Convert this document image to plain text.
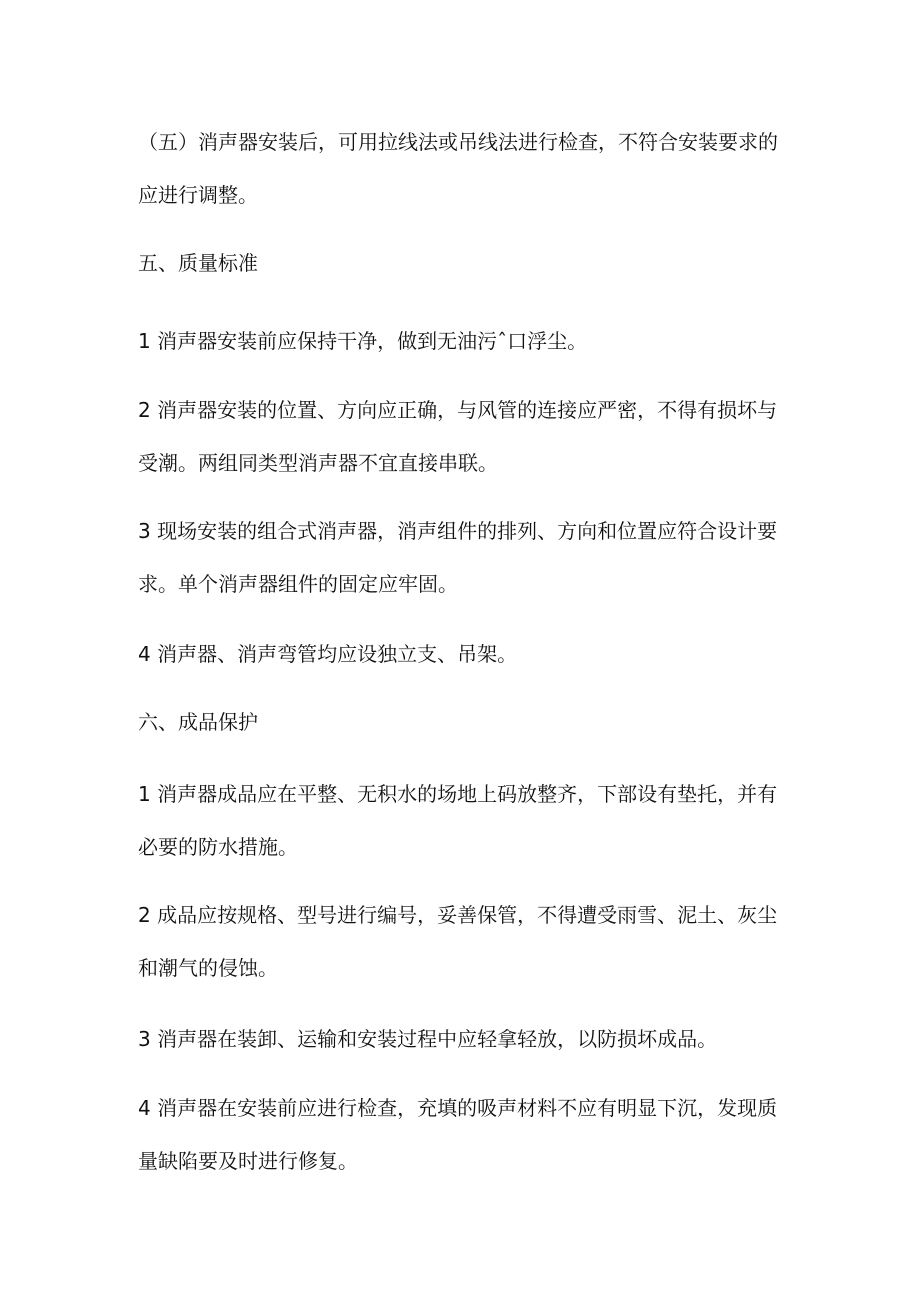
（五）消声器安装后，可用拉线法或吊线法进行检查，不符合安装要求的
应进行调整。

五、质量标准

1 消声器安装前应保持干净，做到无油污ˆ口浮尘。

2 消声器安装的位置、方向应正确，与风管的连接应严密，不得有损坏与
受潮。两组同类型消声器不宜直接串联。

3 现场安装的组合式消声器，消声组件的排列、方向和位置应符合设计要
求。单个消声器组件的固定应牢固。

4 消声器、消声弯管均应设独立支、吊架。

六、成品保护

1 消声器成品应在平整、无积水的场地上码放整齐，下部设有垫托，并有
必要的防水措施。

2 成品应按规格、型号进行编号，妥善保管，不得遭受雨雪、泥土、灰尘
和潮气的侵蚀。

3 消声器在装卸、运输和安装过程中应轻拿轻放，以防损坏成品。

4 消声器在安装前应进行检查，充填的吸声材料不应有明显下沉，发现质
量缺陷要及时进行修复。
